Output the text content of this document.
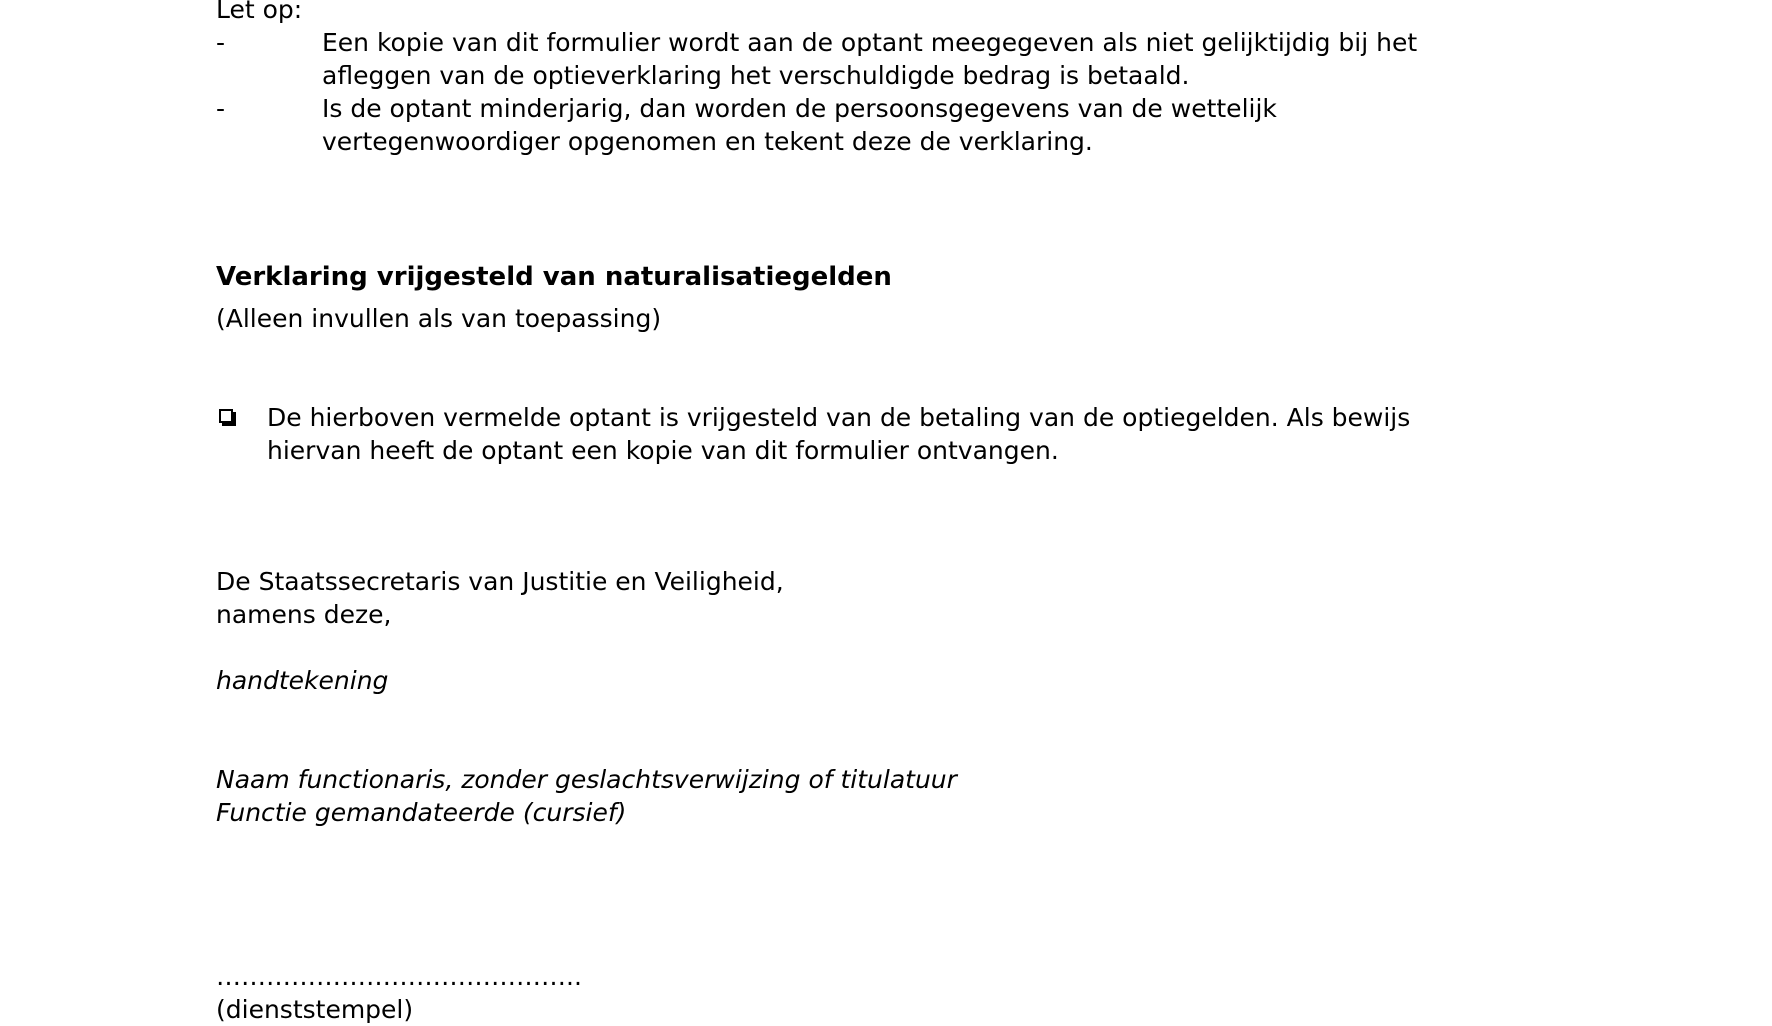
Let op:
-	Een kopie van dit formulier wordt aan de optant meegegeven als niet gelijktijdig bij het
afleggen van de optieverklaring het verschuldigde bedrag is betaald.
-	Is de optant minderjarig, dan worden de persoonsgegevens van de wettelijk
vertegenwoordiger opgenomen en tekent deze de verklaring.
Verklaring vrijgesteld van naturalisatiegelden
(Alleen invullen als van toepassing)
De hierboven vermelde optant is vrijgesteld van de betaling van de optiegelden. Als bewijs
hiervan heeft de optant een kopie van dit formulier ontvangen.
De Staatssecretaris van Justitie en Veiligheid,
namens deze,
handtekening
Naam functionaris, zonder geslachtsverwijzing of titulatuur
Functie gemandateerde (cursief)
……………………………………..
(dienststempel)
